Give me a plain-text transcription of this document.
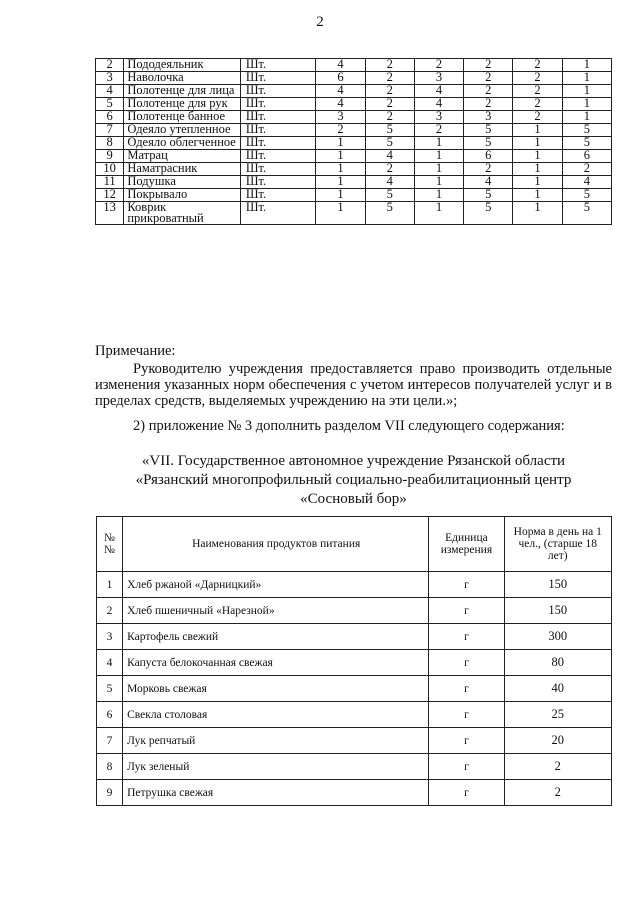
2
2	Пододеяльник	Шт.	4	2	2	2	2	1
3	Наволочка	Шт.	6	2	3	2	2	1
4	Полотенце для лица	Шт.	4	2	4	2	2	1
5	Полотенце для рук	Шт.	4	2	4	2	2	1
6	Полотенце банное	Шт.	3	2	3	3	2	1
7	Одеяло утепленное	Шт.	2	5	2	5	1	5
8	Одеяло облегченное	Шт.	1	5	1	5	1	5
9	Матрац	Шт.	1	4	1	6	1	6
10	Наматрасник	Шт.	1	2	1	2	1	2
11	Подушка	Шт.	1	4	1	4	1	4
12	Покрывало	Шт.	1	5	1	5	1	5
13	Коврик прикроватный	Шт.	1	5	1	5	1	5
Примечание:
Руководителю учреждения предоставляется право производить отдельные изменения указанных норм обеспечения с учетом интересов получателей услуг и в пределах средств, выделяемых учреждению на эти цели.»;
2) приложение № 3 дополнить разделом VII следующего содержания:
«VII. Государственное автономное учреждение Рязанской области
«Рязанский многопрофильный социально-реабилитационный центр
«Сосновый бор»
№ №	Наименования продуктов питания	Единица измерения	Норма в день на 1 чел., (старше 18 лет)
1	Хлеб ржаной «Дарницкий»	г	150
2	Хлеб пшеничный «Нарезной»	г	150
3	Картофель свежий	г	300
4	Капуста белокочанная свежая	г	80
5	Морковь свежая	г	40
6	Свекла столовая	г	25
7	Лук репчатый	г	20
8	Лук зеленый	г	2
9	Петрушка свежая	г	2
